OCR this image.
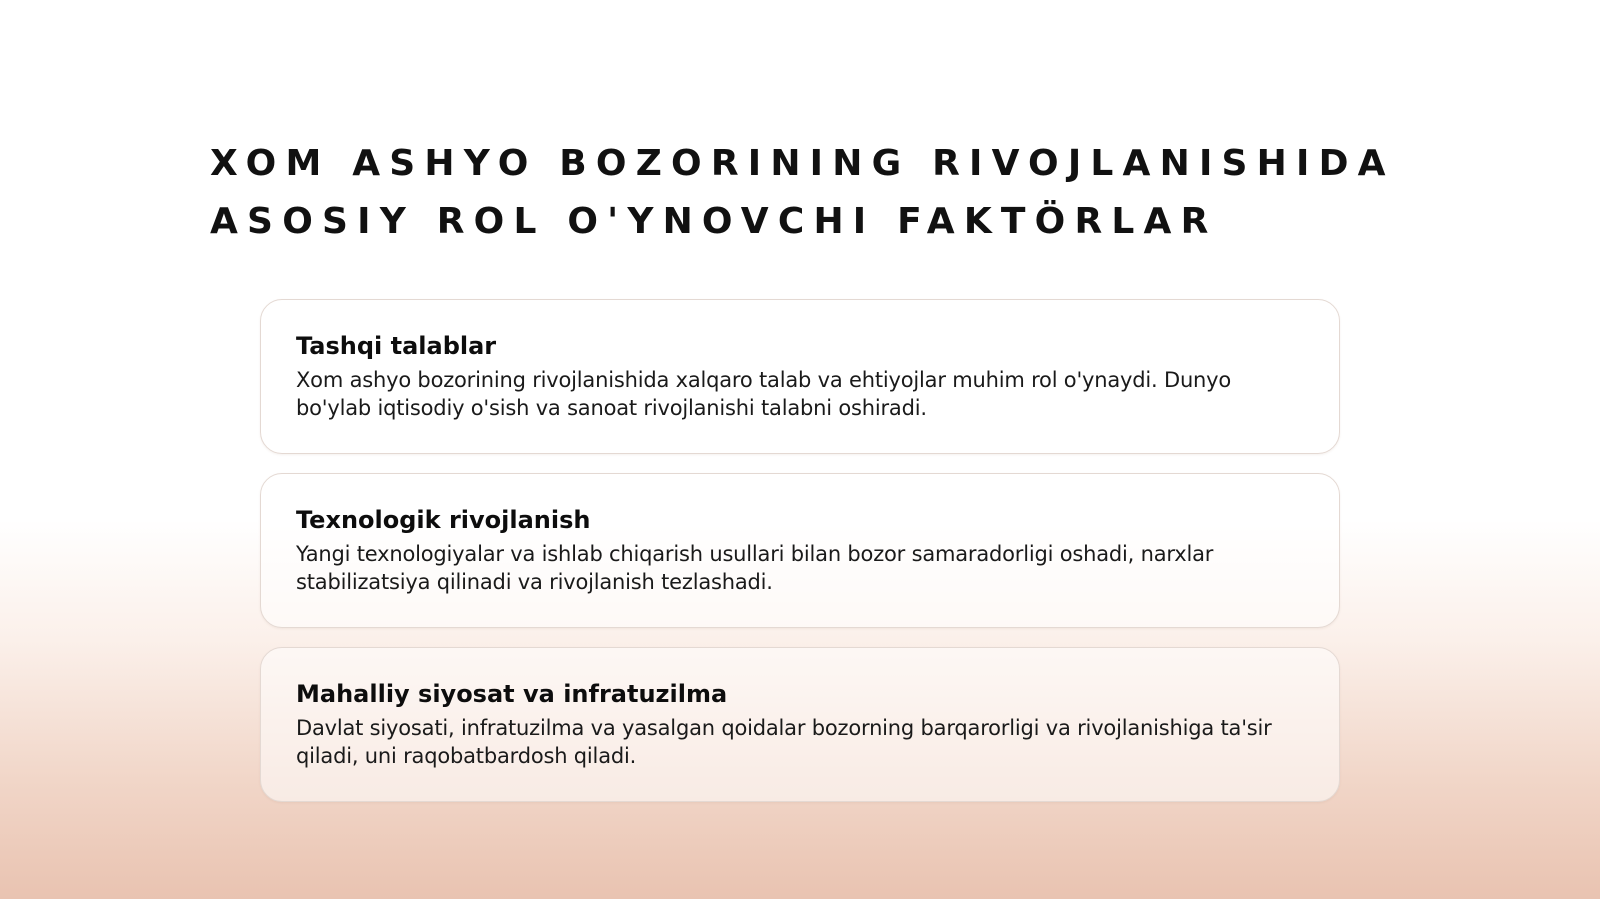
XOM ASHYO BOZORINING RIVOJLANISHIDA
ASOSIY ROL O'YNOVCHI FAKTÖRLAR
Tashqi talablar

Xom ashyo bozorining rivojlanishida xalqaro talab va ehtiyojlar muhim rol o'ynaydi. Dunyo bo'ylab iqtisodiy o'sish va sanoat rivojlanishi talabni oshiradi.

Texnologik rivojlanish

Yangi texnologiyalar va ishlab chiqarish usullari bilan bozor samaradorligi oshadi, narxlar stabilizatsiya qilinadi va rivojlanish tezlashadi.

Mahalliy siyosat va infratuzilma

Davlat siyosati, infratuzilma va yasalgan qoidalar bozorning barqarorligi va rivojlanishiga ta'sir qiladi, uni raqobatbardosh qiladi.
